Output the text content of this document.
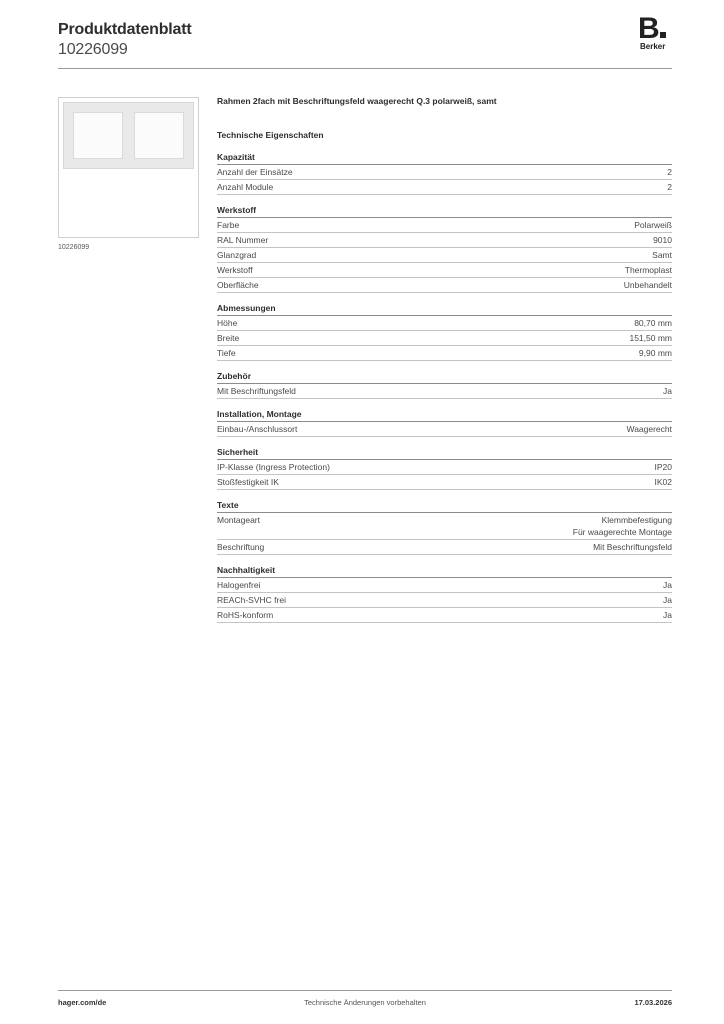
Produktdatenblatt
10226099
B
Berker
10226099
Rahmen 2fach mit Beschriftungsfeld waagerecht Q.3 polarweiß, samt
Technische Eigenschaften
Kapazität
Anzahl der Einsätze	2
Anzahl Module	2
Werkstoff
Farbe	Polarweiß
RAL Nummer	9010
Glanzgrad	Samt
Werkstoff	Thermoplast
Oberfläche	Unbehandelt
Abmessungen
Höhe	80,70 mm
Breite	151,50 mm
Tiefe	9,90 mm
Zubehör
Mit Beschriftungsfeld	Ja
Installation, Montage
Einbau-/Anschlussort	Waagerecht
Sicherheit
IP-Klasse (Ingress Protection)	IP20
Stoßfestigkeit IK	IK02
Texte
Montageart	Klemmbefestigung
Für waagerechte Montage
Beschriftung	Mit Beschriftungsfeld
Nachhaltigkeit
Halogenfrei	Ja
REACh-SVHC frei	Ja
RoHS-konform	Ja
hager.com/de	Technische Änderungen vorbehalten	17.03.2026
